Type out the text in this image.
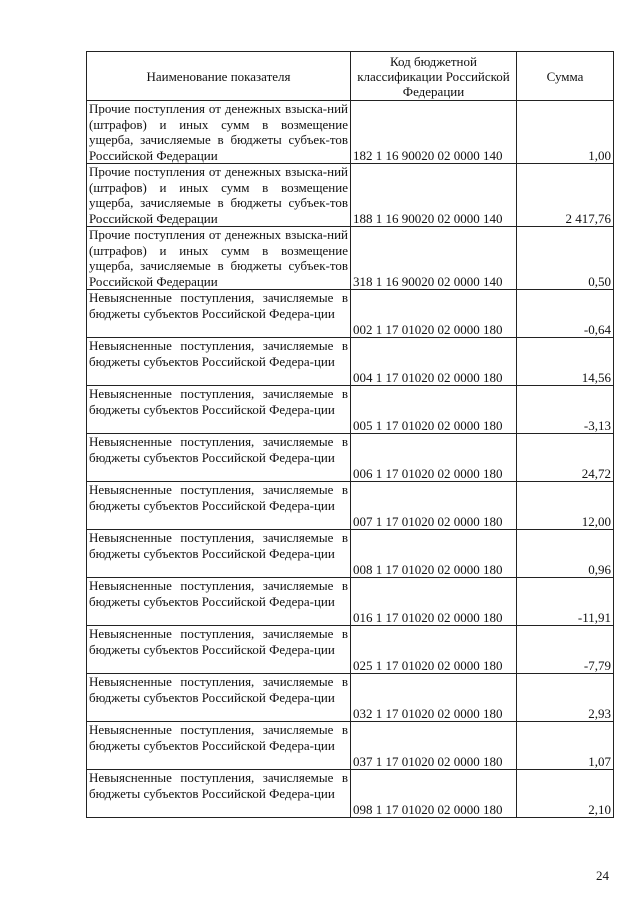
Наименование показателя	Код бюджетной классификации Российской Федерации	Сумма
Прочие поступления от денежных взыска-ний (штрафов) и иных сумм в возмещение ущерба, зачисляемые в бюджеты субъек-тов Российской Федерации	182 1 16 90020 02 0000 140	1,00
Прочие поступления от денежных взыска-ний (штрафов) и иных сумм в возмещение ущерба, зачисляемые в бюджеты субъек-тов Российской Федерации	188 1 16 90020 02 0000 140	2 417,76
Прочие поступления от денежных взыска-ний (штрафов) и иных сумм в возмещение ущерба, зачисляемые в бюджеты субъек-тов Российской Федерации	318 1 16 90020 02 0000 140	0,50
Невыясненные поступления, зачисляемые в бюджеты субъектов Российской Федера-ции	002 1 17 01020 02 0000 180	-0,64
Невыясненные поступления, зачисляемые в бюджеты субъектов Российской Федера-ции	004 1 17 01020 02 0000 180	14,56
Невыясненные поступления, зачисляемые в бюджеты субъектов Российской Федера-ции	005 1 17 01020 02 0000 180	-3,13
Невыясненные поступления, зачисляемые в бюджеты субъектов Российской Федера-ции	006 1 17 01020 02 0000 180	24,72
Невыясненные поступления, зачисляемые в бюджеты субъектов Российской Федера-ции	007 1 17 01020 02 0000 180	12,00
Невыясненные поступления, зачисляемые в бюджеты субъектов Российской Федера-ции	008 1 17 01020 02 0000 180	0,96
Невыясненные поступления, зачисляемые в бюджеты субъектов Российской Федера-ции	016 1 17 01020 02 0000 180	-11,91
Невыясненные поступления, зачисляемые в бюджеты субъектов Российской Федера-ции	025 1 17 01020 02 0000 180	-7,79
Невыясненные поступления, зачисляемые в бюджеты субъектов Российской Федера-ции	032 1 17 01020 02 0000 180	2,93
Невыясненные поступления, зачисляемые в бюджеты субъектов Российской Федера-ции	037 1 17 01020 02 0000 180	1,07
Невыясненные поступления, зачисляемые в бюджеты субъектов Российской Федера-ции	098 1 17 01020 02 0000 180	2,10
24
